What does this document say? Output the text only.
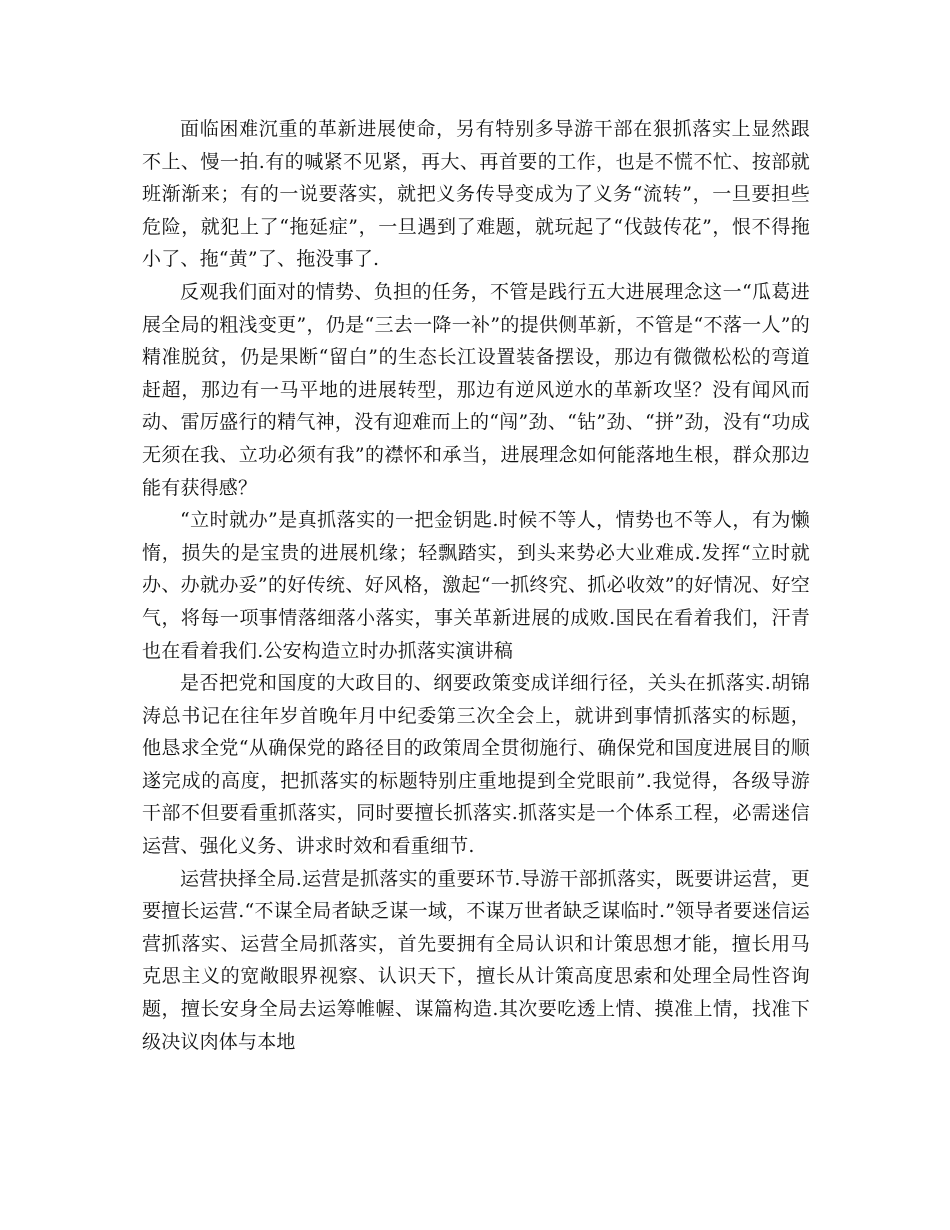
面临困难沉重的革新进展使命，另有特别多导游干部在狠抓落实上显然跟不上、慢一拍.有的喊紧不见紧，再大、再首要的工作，也是不慌不忙、按部就班渐渐来；有的一说要落实，就把义务传导变成为了义务“流转”，一旦要担些危险，就犯上了“拖延症”，一旦遇到了难题，就玩起了“伐鼓传花”，恨不得拖小了、拖“黄”了、拖没事了.

反观我们面对的情势、负担的任务，不管是践行五大进展理念这一“瓜葛进展全局的粗浅变更”，仍是“三去一降一补”的提供侧革新，不管是“不落一人”的精准脱贫，仍是果断“留白”的生态长江设置装备摆设，那边有微微松松的弯道赶超，那边有一马平地的进展转型，那边有逆风逆水的革新攻坚？没有闻风而动、雷厉盛行的精气神，没有迎难而上的“闯”劲、“钻”劲、“拼”劲，没有“功成无须在我、立功必须有我”的襟怀和承当，进展理念如何能落地生根，群众那边能有获得感？

“立时就办”是真抓落实的一把金钥匙.时候不等人，情势也不等人，有为懒惰，损失的是宝贵的进展机缘；轻飘踏实，到头来势必大业难成.发挥“立时就办、办就办妥”的好传统、好风格，激起“一抓终究、抓必收效”的好情况、好空气，将每一项事情落细落小落实，事关革新进展的成败.国民在看着我们，汗青也在看着我们.公安构造立时办抓落实演讲稿

是否把党和国度的大政目的、纲要政策变成详细行径，关头在抓落实.胡锦涛总书记在往年岁首晚年月中纪委第三次全会上，就讲到事情抓落实的标题，他恳求全党“从确保党的路径目的政策周全贯彻施行、确保党和国度进展目的顺遂完成的高度，把抓落实的标题特别庄重地提到全党眼前”.我觉得，各级导游干部不但要看重抓落实，同时要擅长抓落实.抓落实是一个体系工程，必需迷信运营、强化义务、讲求时效和看重细节.

运营抉择全局.运营是抓落实的重要环节.导游干部抓落实，既要讲运营，更要擅长运营.“不谋全局者缺乏谋一域，不谋万世者缺乏谋临时.”领导者要迷信运营抓落实、运营全局抓落实，首先要拥有全局认识和计策思想才能，擅长用马克思主义的宽敞眼界视察、认识天下，擅长从计策高度思索和处理全局性咨询题，擅长安身全局去运筹帷幄、谋篇构造.其次要吃透上情、摸准上情，找准下级决议肉体与本地
